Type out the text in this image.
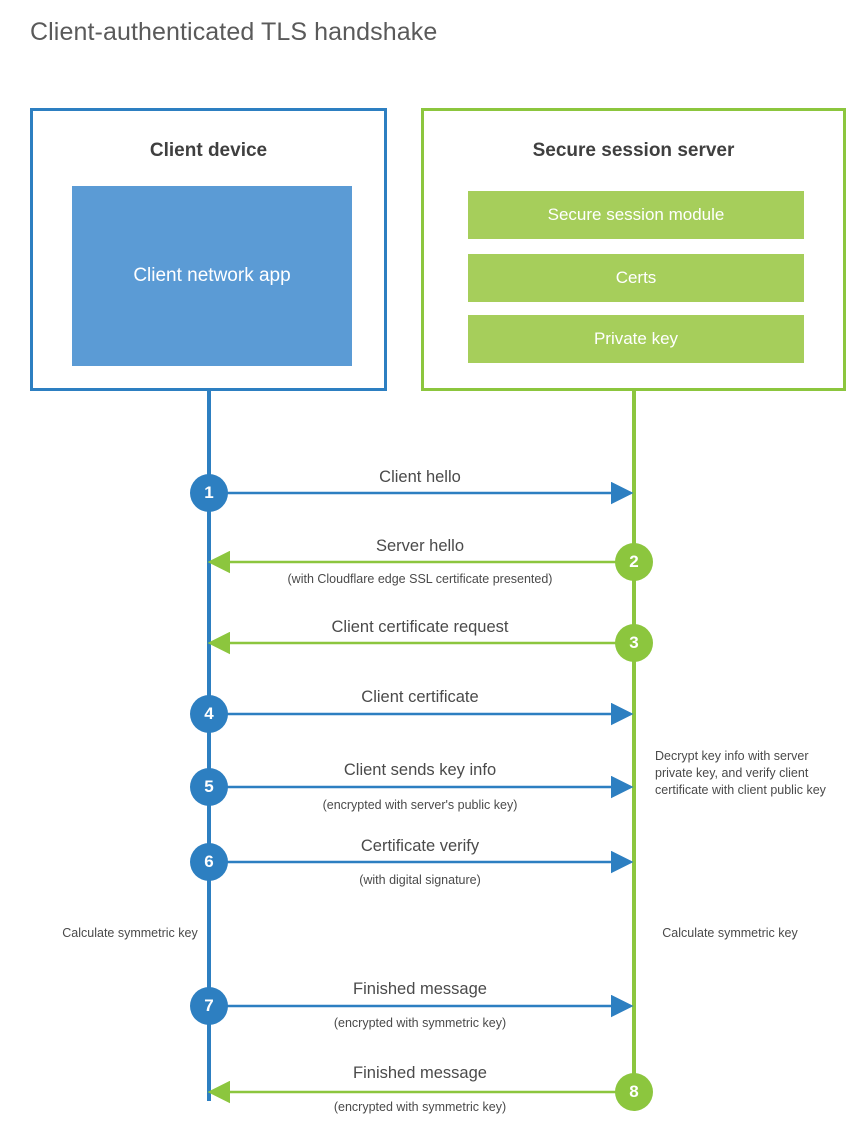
Client-authenticated TLS handshake
Client device
Client network app
Secure session server
Secure session module
Certs
Private key
1
2
3
4
5
6
7
8
Client hello
Server hello
(with Cloudflare edge SSL certificate presented)
Client certificate request
Client certificate
Client sends key info
(encrypted with server's public key)
Certificate verify
(with digital signature)
Finished message
(encrypted with symmetric key)
Finished message
(encrypted with symmetric key)
Decrypt key info with server private key, and verify client certificate with client public key
Calculate symmetric key	Calculate symmetric key
